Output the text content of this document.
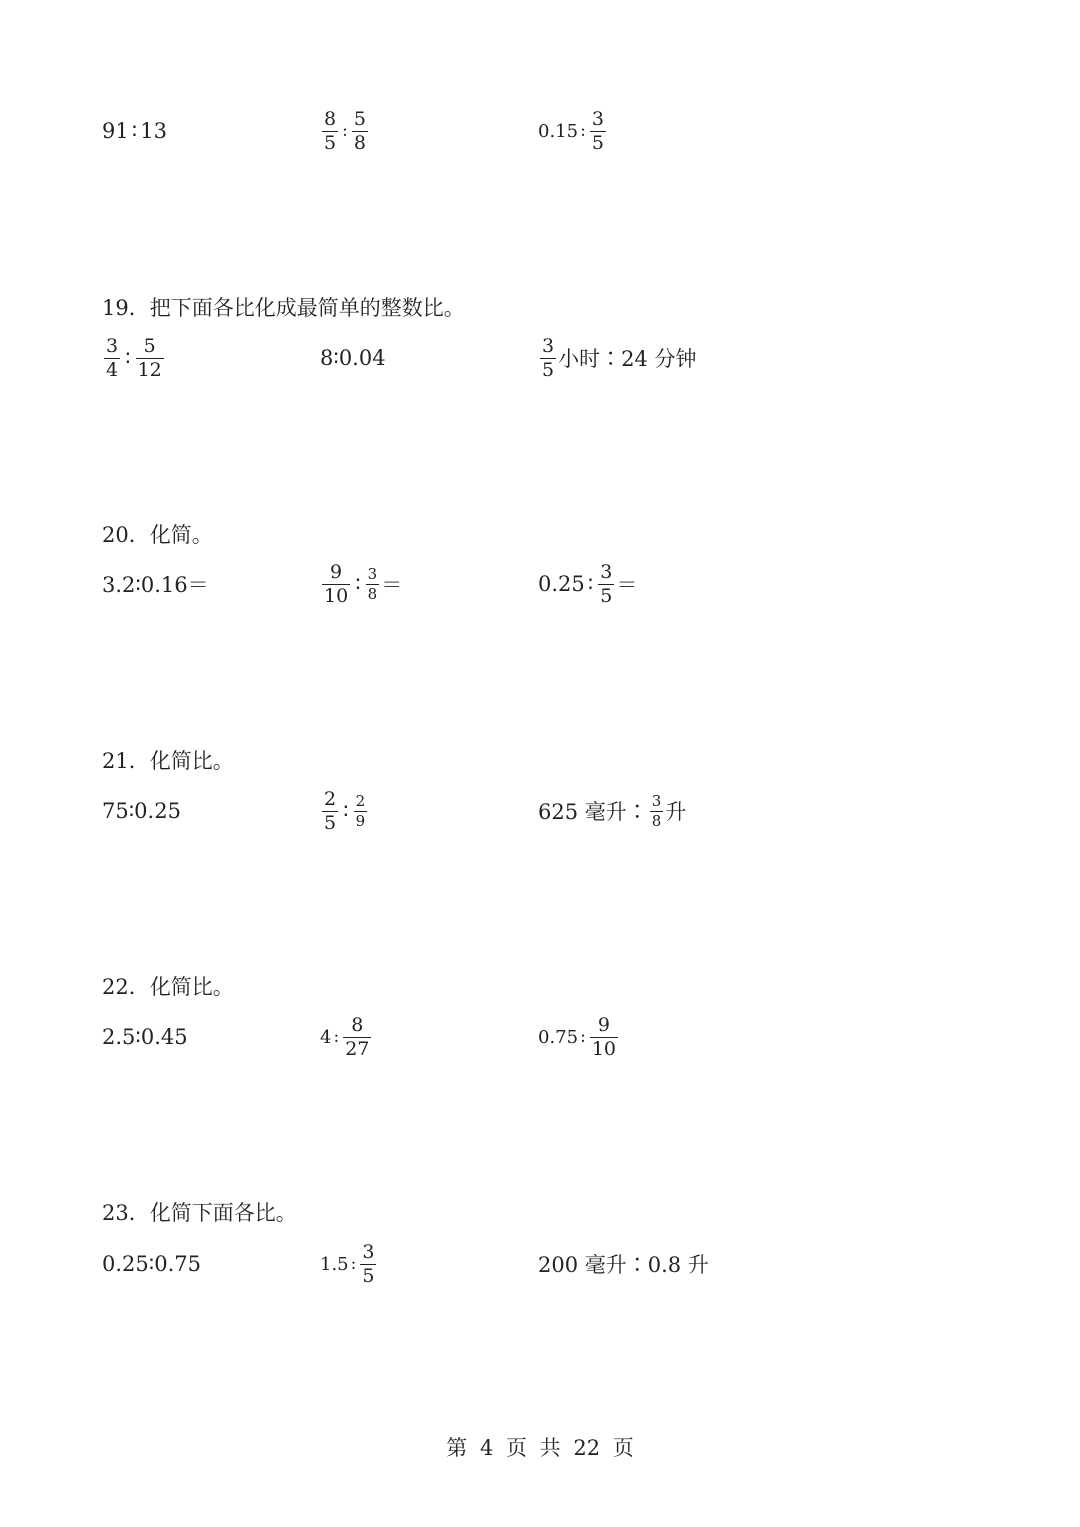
91 ∶ 13	$\frac{8}{5}$ : $\frac{5}{8}$	0.15 : $\frac{3}{5}$
19．把下面各比化成最简单的整数比。
$\frac{3}{4}$ ∶ $\frac{5}{12}$	8∶0.04	$\frac{3}{5}$ 小时∶24 分钟
20．化简。
3.2∶0.16＝	$\frac{9}{10}$ ∶ $\frac{3}{8}$ ＝	0.25 ∶ $\frac{3}{5}$ ＝
21．化简比。
75∶0.25	$\frac{2}{5}$ ∶ $\frac{2}{9}$	625 毫升∶ $\frac{3}{8}$ 升
22．化简比。
2.5∶0.45	4 : $\frac{8}{27}$	0.75 : $\frac{9}{10}$
23．化简下面各比。
0.25∶0.75	1.5 : $\frac{3}{5}$	200 毫升∶0.8 升
第 4 页 共 22 页
